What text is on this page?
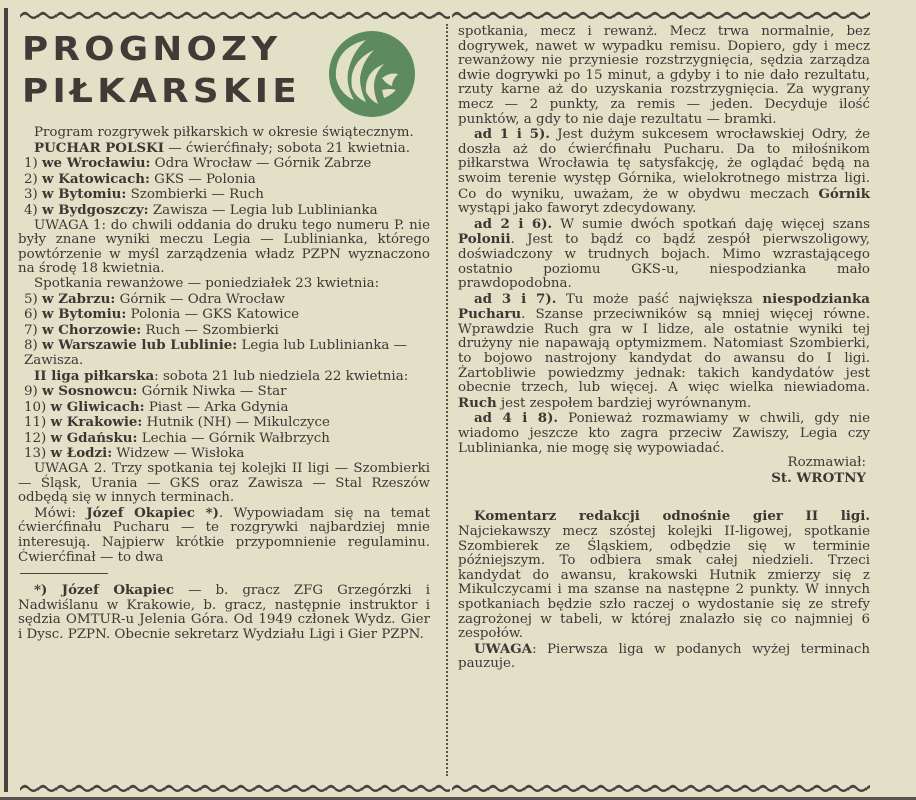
PROGNOZY
PIŁKARSKIE

Program rozgrywek piłkarskich w okresie świątecznym.

PUCHAR POLSKI — ćwierćfinały; sobota 21 kwietnia.

1) we Wrocławiu: Odra Wrocław — Górnik Zabrze

2) w Katowicach: GKS — Polonia

3) w Bytomiu: Szombierki — Ruch

4) w Bydgoszczy: Zawisza — Legia lub Lublinianka

UWAGA 1: do chwili oddania do druku tego numeru P. nie były znane wyniki meczu Legia — Lublinianka, którego powtórzenie w myśl zarządzenia władz PZPN wyznaczono na środę 18 kwietnia.

Spotkania rewanżowe — poniedziałek 23 kwietnia:

5) w Zabrzu: Górnik — Odra Wrocław

6) w Bytomiu: Polonia — GKS Katowice

7) w Chorzowie: Ruch — Szombierki

8) w Warszawie lub Lublinie: Legia lub Lublinianka — Zawisza.

II liga piłkarska: sobota 21 lub niedziela 22 kwietnia:

9) w Sosnowcu: Górnik Niwka — Star

10) w Gliwicach: Piast — Arka Gdynia

11) w Krakowie: Hutnik (NH) — Mikulczyce

12) w Gdańsku: Lechia — Górnik Wałbrzych

13) w Łodzi: Widzew — Wisłoka

UWAGA 2. Trzy spotkania tej kolejki II ligi — Szombierki — Śląsk, Urania — GKS oraz Zawisza — Stal Rzeszów odbędą się w innych terminach.

Mówi: Józef Okapiec *). Wypowiadam się na temat ćwierćfinału Pucharu — te rozgrywki najbardziej mnie interesują. Najpierw krótkie przypomnienie regulaminu. Ćwierćfinał — to dwa

*) Józef Okapiec — b. gracz ZFG Grzegórzki i Nadwiślanu w Krakowie, b. gracz, następnie instruktor i sędzia OMTUR-u Jelenia Góra. Od 1949 członek Wydz. Gier i Dysc. PZPN. Obecnie sekretarz Wydziału Ligi i Gier PZPN.

spotkania, mecz i rewanż. Mecz trwa normalnie, bez dogrywek, nawet w wypadku remisu. Dopiero, gdy i mecz rewanżowy nie przyniesie rozstrzygnięcia, sędzia zarządza dwie dogrywki po 15 minut, a gdyby i to nie dało rezultatu, rzuty karne aż do uzyskania rozstrzygnięcia. Za wygrany mecz — 2 punkty, za remis — jeden. Decyduje ilość punktów, a gdy to nie daje rezultatu — bramki.

ad 1 i 5). Jest dużym sukcesem wrocławskiej Odry, że doszła aż do ćwierćfinału Pucharu. Da to miłośnikom piłkarstwa Wrocławia tę satysfakcję, że oglądać będą na swoim terenie występ Górnika, wielokrotnego mistrza ligi. Co do wyniku, uważam, że w obydwu meczach Górnik wystąpi jako faworyt zdecydowany.

ad 2 i 6). W sumie dwóch spotkań daję więcej szans Polonii. Jest to bądź co bądź zespół pierwszoligowy, doświadczony w trudnych bojach. Mimo wzrastającego ostatnio poziomu GKS-u, niespodzianka mało prawdopodobna.

ad 3 i 7). Tu może paść największa niespodzianka Pucharu. Szanse przeciwników są mniej więcej równe. Wprawdzie Ruch gra w I lidze, ale ostatnie wyniki tej drużyny nie napawają optymizmem. Natomiast Szombierki, to bojowo nastrojony kandydat do awansu do I ligi. Żartobliwie powiedzmy jednak: takich kandydatów jest obecnie trzech, lub więcej. A więc wielka niewiadoma. Ruch jest zespołem bardziej wyrównanym.

ad 4 i 8). Ponieważ rozmawiamy w chwili, gdy nie wiadomo jeszcze kto zagra przeciw Zawiszy, Legia czy Lublinianka, nie mogę się wypowiadać.

Rozmawiał:

St. WROTNY

Komentarz redakcji odnośnie gier II ligi. Najciekawszy mecz szóstej kolejki II-ligowej, spotkanie Szombierek ze Śląskiem, odbędzie się w terminie późniejszym. To odbiera smak całej niedzieli. Trzeci kandydat do awansu, krakowski Hutnik zmierzy się z Mikulczycami i ma szanse na następne 2 punkty. W innych spotkaniach będzie szło raczej o wydostanie się ze strefy zagrożonej w tabeli, w której znalazło się co najmniej 6 zespołów.

UWAGA: Pierwsza liga w podanych wyżej terminach pauzuje.
